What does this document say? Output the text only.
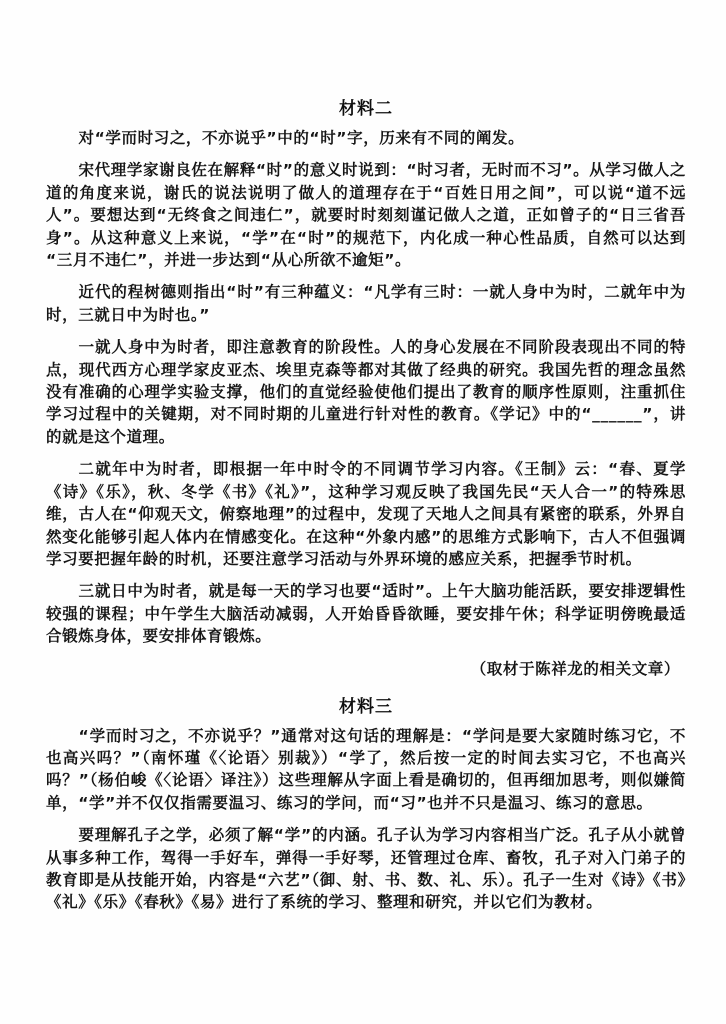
材料二

对“学而时习之，不亦说乎”中的“时”字，历来有不同的阐发。

宋代理学家谢良佐在解释“时”的意义时说到：“时习者，无时而不习”。从学习做人之道的角度来说，谢氏的说法说明了做人的道理存在于“百姓日用之间”，可以说“道不远人”。要想达到“无终食之间违仁”，就要时时刻刻谨记做人之道，正如曾子的“日三省吾身”。从这种意义上来说，“学”在“时”的规范下，内化成一种心性品质，自然可以达到“三月不违仁”，并进一步达到“从心所欲不逾矩”。

近代的程树德则指出“时”有三种蕴义：“凡学有三时：一就人身中为时，二就年中为时，三就日中为时也。”

一就人身中为时者，即注意教育的阶段性。人的身心发展在不同阶段表现出不同的特点，现代西方心理学家皮亚杰、埃里克森等都对其做了经典的研究。我国先哲的理念虽然没有准确的心理学实验支撑，他们的直觉经验使他们提出了教育的顺序性原则，注重抓住学习过程中的关键期，对不同时期的儿童进行针对性的教育。《学记》中的“______”，讲的就是这个道理。

二就年中为时者，即根据一年中时令的不同调节学习内容。《王制》云：“春、夏学《诗》《乐》，秋、冬学《书》《礼》”，这种学习观反映了我国先民“天人合一”的特殊思维，古人在“仰观天文，俯察地理”的过程中，发现了天地人之间具有紧密的联系，外界自然变化能够引起人体内在情感变化。在这种“外象内感”的思维方式影响下，古人不但强调学习要把握年龄的时机，还要注意学习活动与外界环境的感应关系，把握季节时机。

三就日中为时者，就是每一天的学习也要“适时”。上午大脑功能活跃，要安排逻辑性较强的课程；中午学生大脑活动减弱，人开始昏昏欲睡，要安排午休；科学证明傍晚最适合锻炼身体，要安排体育锻炼。

（取材于陈祥龙的相关文章）

材料三

“学而时习之，不亦说乎？”通常对这句话的理解是：“学问是要大家随时练习它，不也高兴吗？”（南怀瑾《〈论语〉别裁》）“学了，然后按一定的时间去实习它，不也高兴吗？”（杨伯峻《〈论语〉译注》）这些理解从字面上看是确切的，但再细加思考，则似嫌简单，“学”并不仅仅指需要温习、练习的学问，而“习”也并不只是温习、练习的意思。

要理解孔子之学，必须了解“学”的内涵。孔子认为学习内容相当广泛。孔子从小就曾从事多种工作，驾得一手好车，弹得一手好琴，还管理过仓库、畜牧，孔子对入门弟子的教育即是从技能开始，内容是“六艺”（御、射、书、数、礼、乐）。孔子一生对《诗》《书》《礼》《乐》《春秋》《易》进行了系统的学习、整理和研究，并以它们为教材。
